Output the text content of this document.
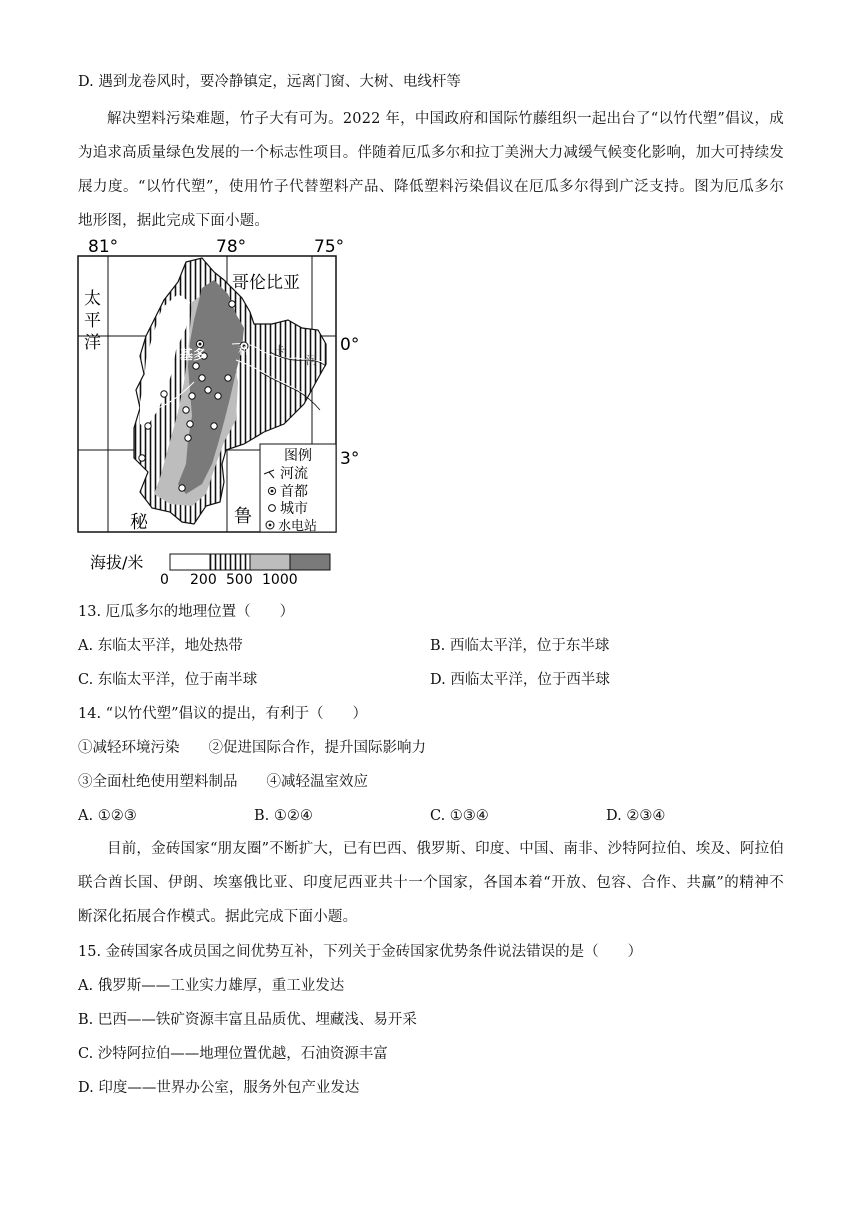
D. 遇到龙卷风时，要冷静镇定，远离门窗、大树、电线杆等
解决塑料污染难题，竹子大有可为。2022 年，中国政府和国际竹藤组织一起出台了“以竹代塑”倡议，成为追求高质量绿色发展的一个标志性项目。伴随着厄瓜多尔和拉丁美洲大力减缓气候变化影响，加大可持续发展力度。“以竹代塑”，使用竹子代替塑料产品、降低塑料污染倡议在厄瓜多尔得到广泛支持。图为厄瓜多尔地形图，据此完成下面小题。
81°	78°	75°
0°
3°
哥伦比亚
太
平
洋
基多	科 卡
河
秘	鲁
图例
河流
首都
城市
水电站
海拔/米
0 200 500 1000
13. 厄瓜多尔的地理位置（　　）
A. 东临太平洋，地处热带	B. 西临太平洋，位于东半球
C. 东临太平洋，位于南半球	D. 西临太平洋，位于西半球
14. “以竹代塑”倡议的提出，有利于（　　）
①减轻环境污染　　②促进国际合作，提升国际影响力
③全面杜绝使用塑料制品　　④减轻温室效应
A. ①②③	B. ①②④	C. ①③④	D. ②③④
目前，金砖国家“朋友圈”不断扩大，已有巴西、俄罗斯、印度、中国、南非、沙特阿拉伯、埃及、阿拉伯联合酋长国、伊朗、埃塞俄比亚、印度尼西亚共十一个国家，各国本着“开放、包容、合作、共赢”的精神不断深化拓展合作模式。据此完成下面小题。
15. 金砖国家各成员国之间优势互补，下列关于金砖国家优势条件说法错误的是（　　）
A. 俄罗斯——工业实力雄厚，重工业发达
B. 巴西——铁矿资源丰富且品质优、埋藏浅、易开采
C. 沙特阿拉伯——地理位置优越，石油资源丰富
D. 印度——世界办公室，服务外包产业发达
